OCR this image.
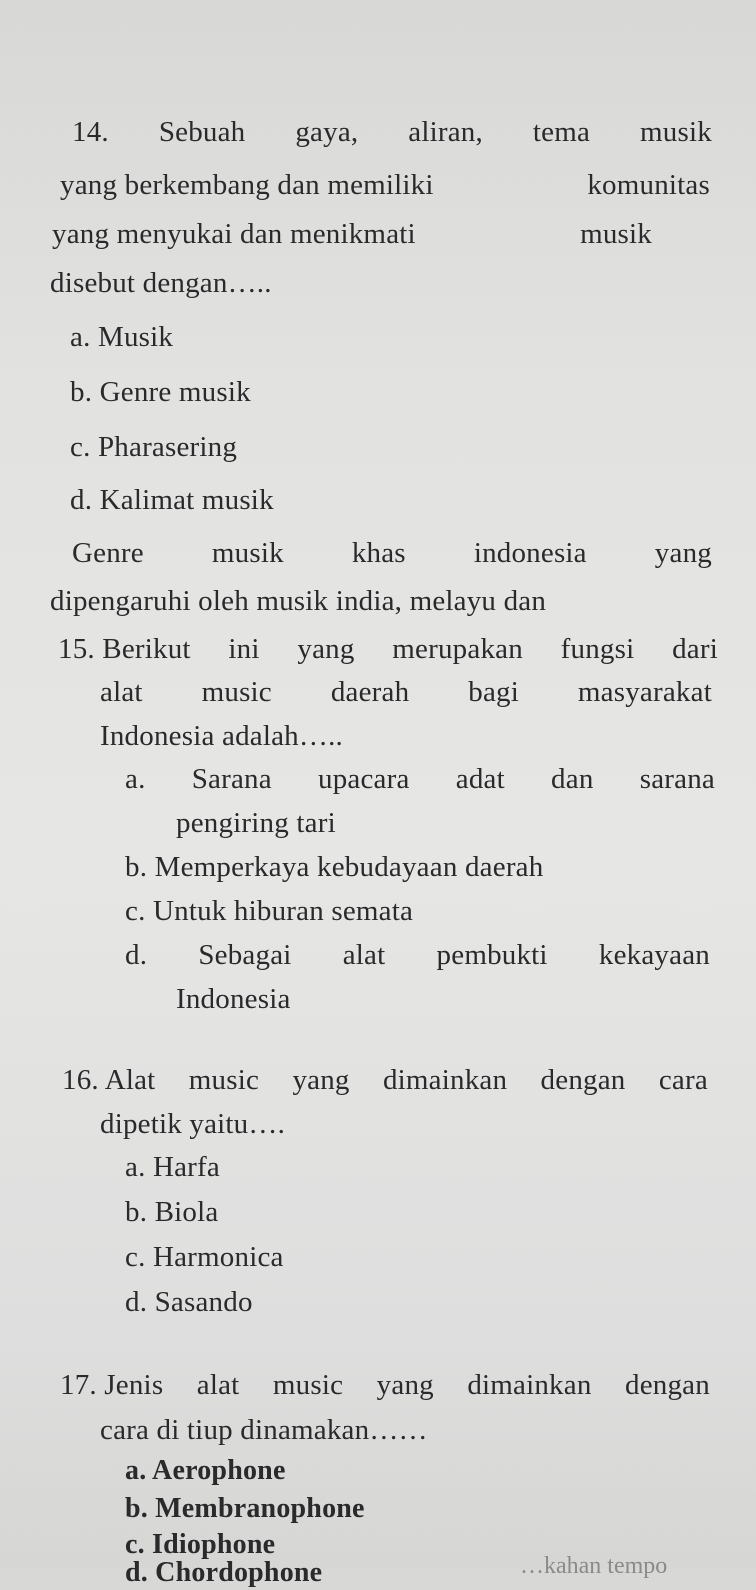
14. Sebuah gaya, aliran, tema musik
yang berkembang dan memiliki	komunitas
yang menyukai dan menikmati	musik
disebut dengan…..
a. Musik
b. Genre musik
c. Pharasering
d. Kalimat musik
Genre musik khas indonesia yang
dipengaruhi oleh musik india, melayu dan
15. Berikut ini yang merupakan fungsi dari
alat music daerah bagi masyarakat
Indonesia adalah…..
a. Sarana upacara adat dan sarana
pengiring tari
b. Memperkaya kebudayaan daerah
c. Untuk hiburan semata
d. Sebagai alat pembukti kekayaan
Indonesia
16. Alat music yang dimainkan dengan cara
dipetik yaitu….
a. Harfa
b. Biola
c. Harmonica
d. Sasando
17. Jenis alat music yang dimainkan dengan
cara di tiup dinamakan……
a. Aerophone
b. Membranophone
c. Idiophone
d. Chordophone	…kahan tempo
